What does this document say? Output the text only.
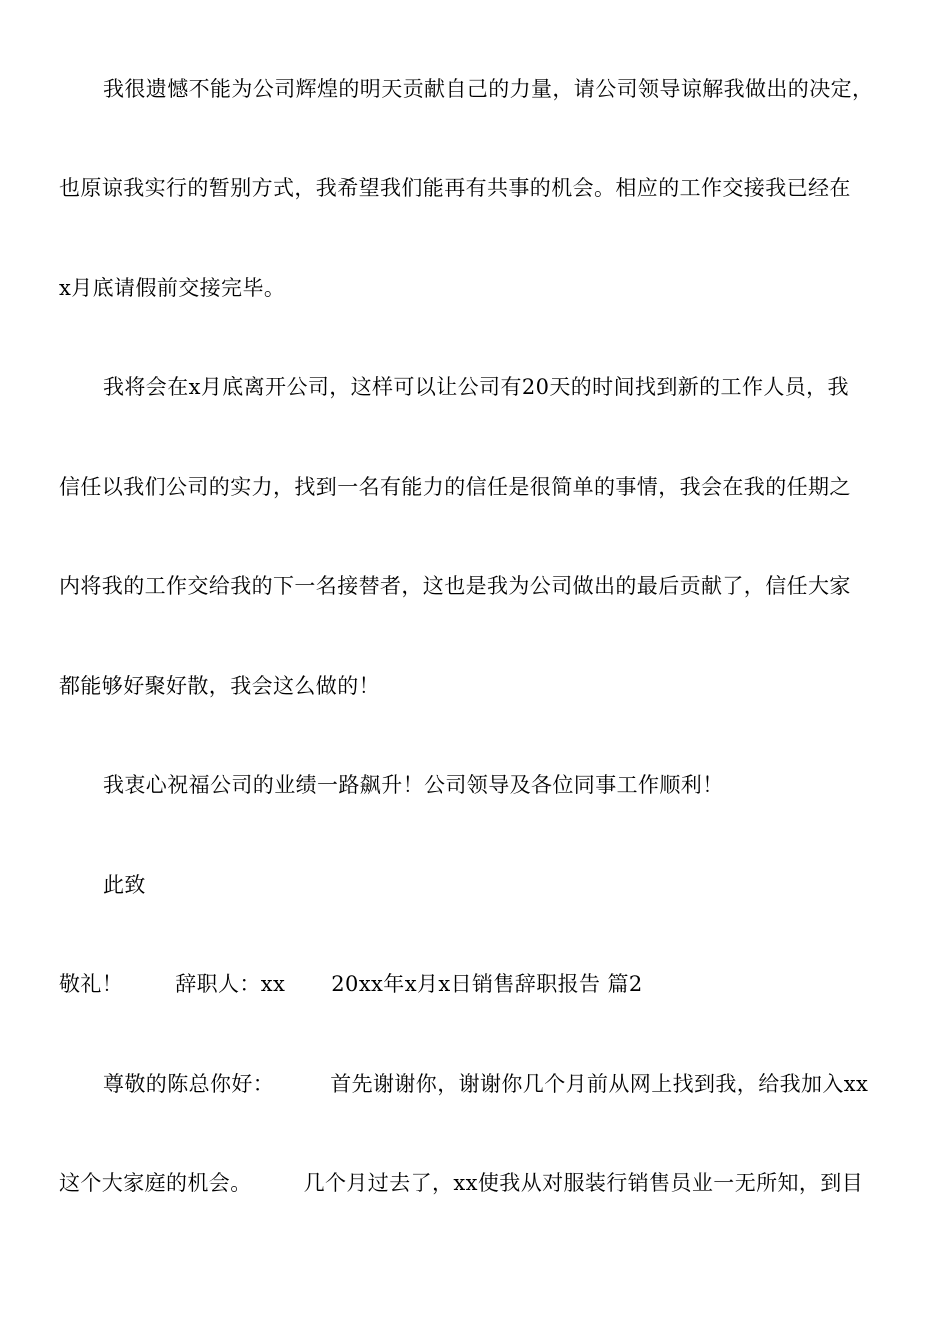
我很遗憾不能为公司辉煌的明天贡献自己的力量，请公司领导谅解我做出的决定，
也原谅我实行的暂别方式，我希望我们能再有共事的机会。相应的工作交接我已经在
x月底请假前交接完毕。
我将会在x月底离开公司，这样可以让公司有20天的时间找到新的工作人员，我
信任以我们公司的实力，找到一名有能力的信任是很简单的事情，我会在我的任期之
内将我的工作交给我的下一名接替者，这也是我为公司做出的最后贡献了，信任大家
都能够好聚好散，我会这么做的！
我衷心祝福公司的业绩一路飙升！公司领导及各位同事工作顺利！
此致
敬礼！ 辞职人：xx 20xx年x月x日销售辞职报告 篇2
尊敬的陈总你好：	首先谢谢你，谢谢你几个月前从网上找到我，给我加入xx
这个大家庭的机会。 几个月过去了，xx使我从对服装行销售员业一无所知，到目
